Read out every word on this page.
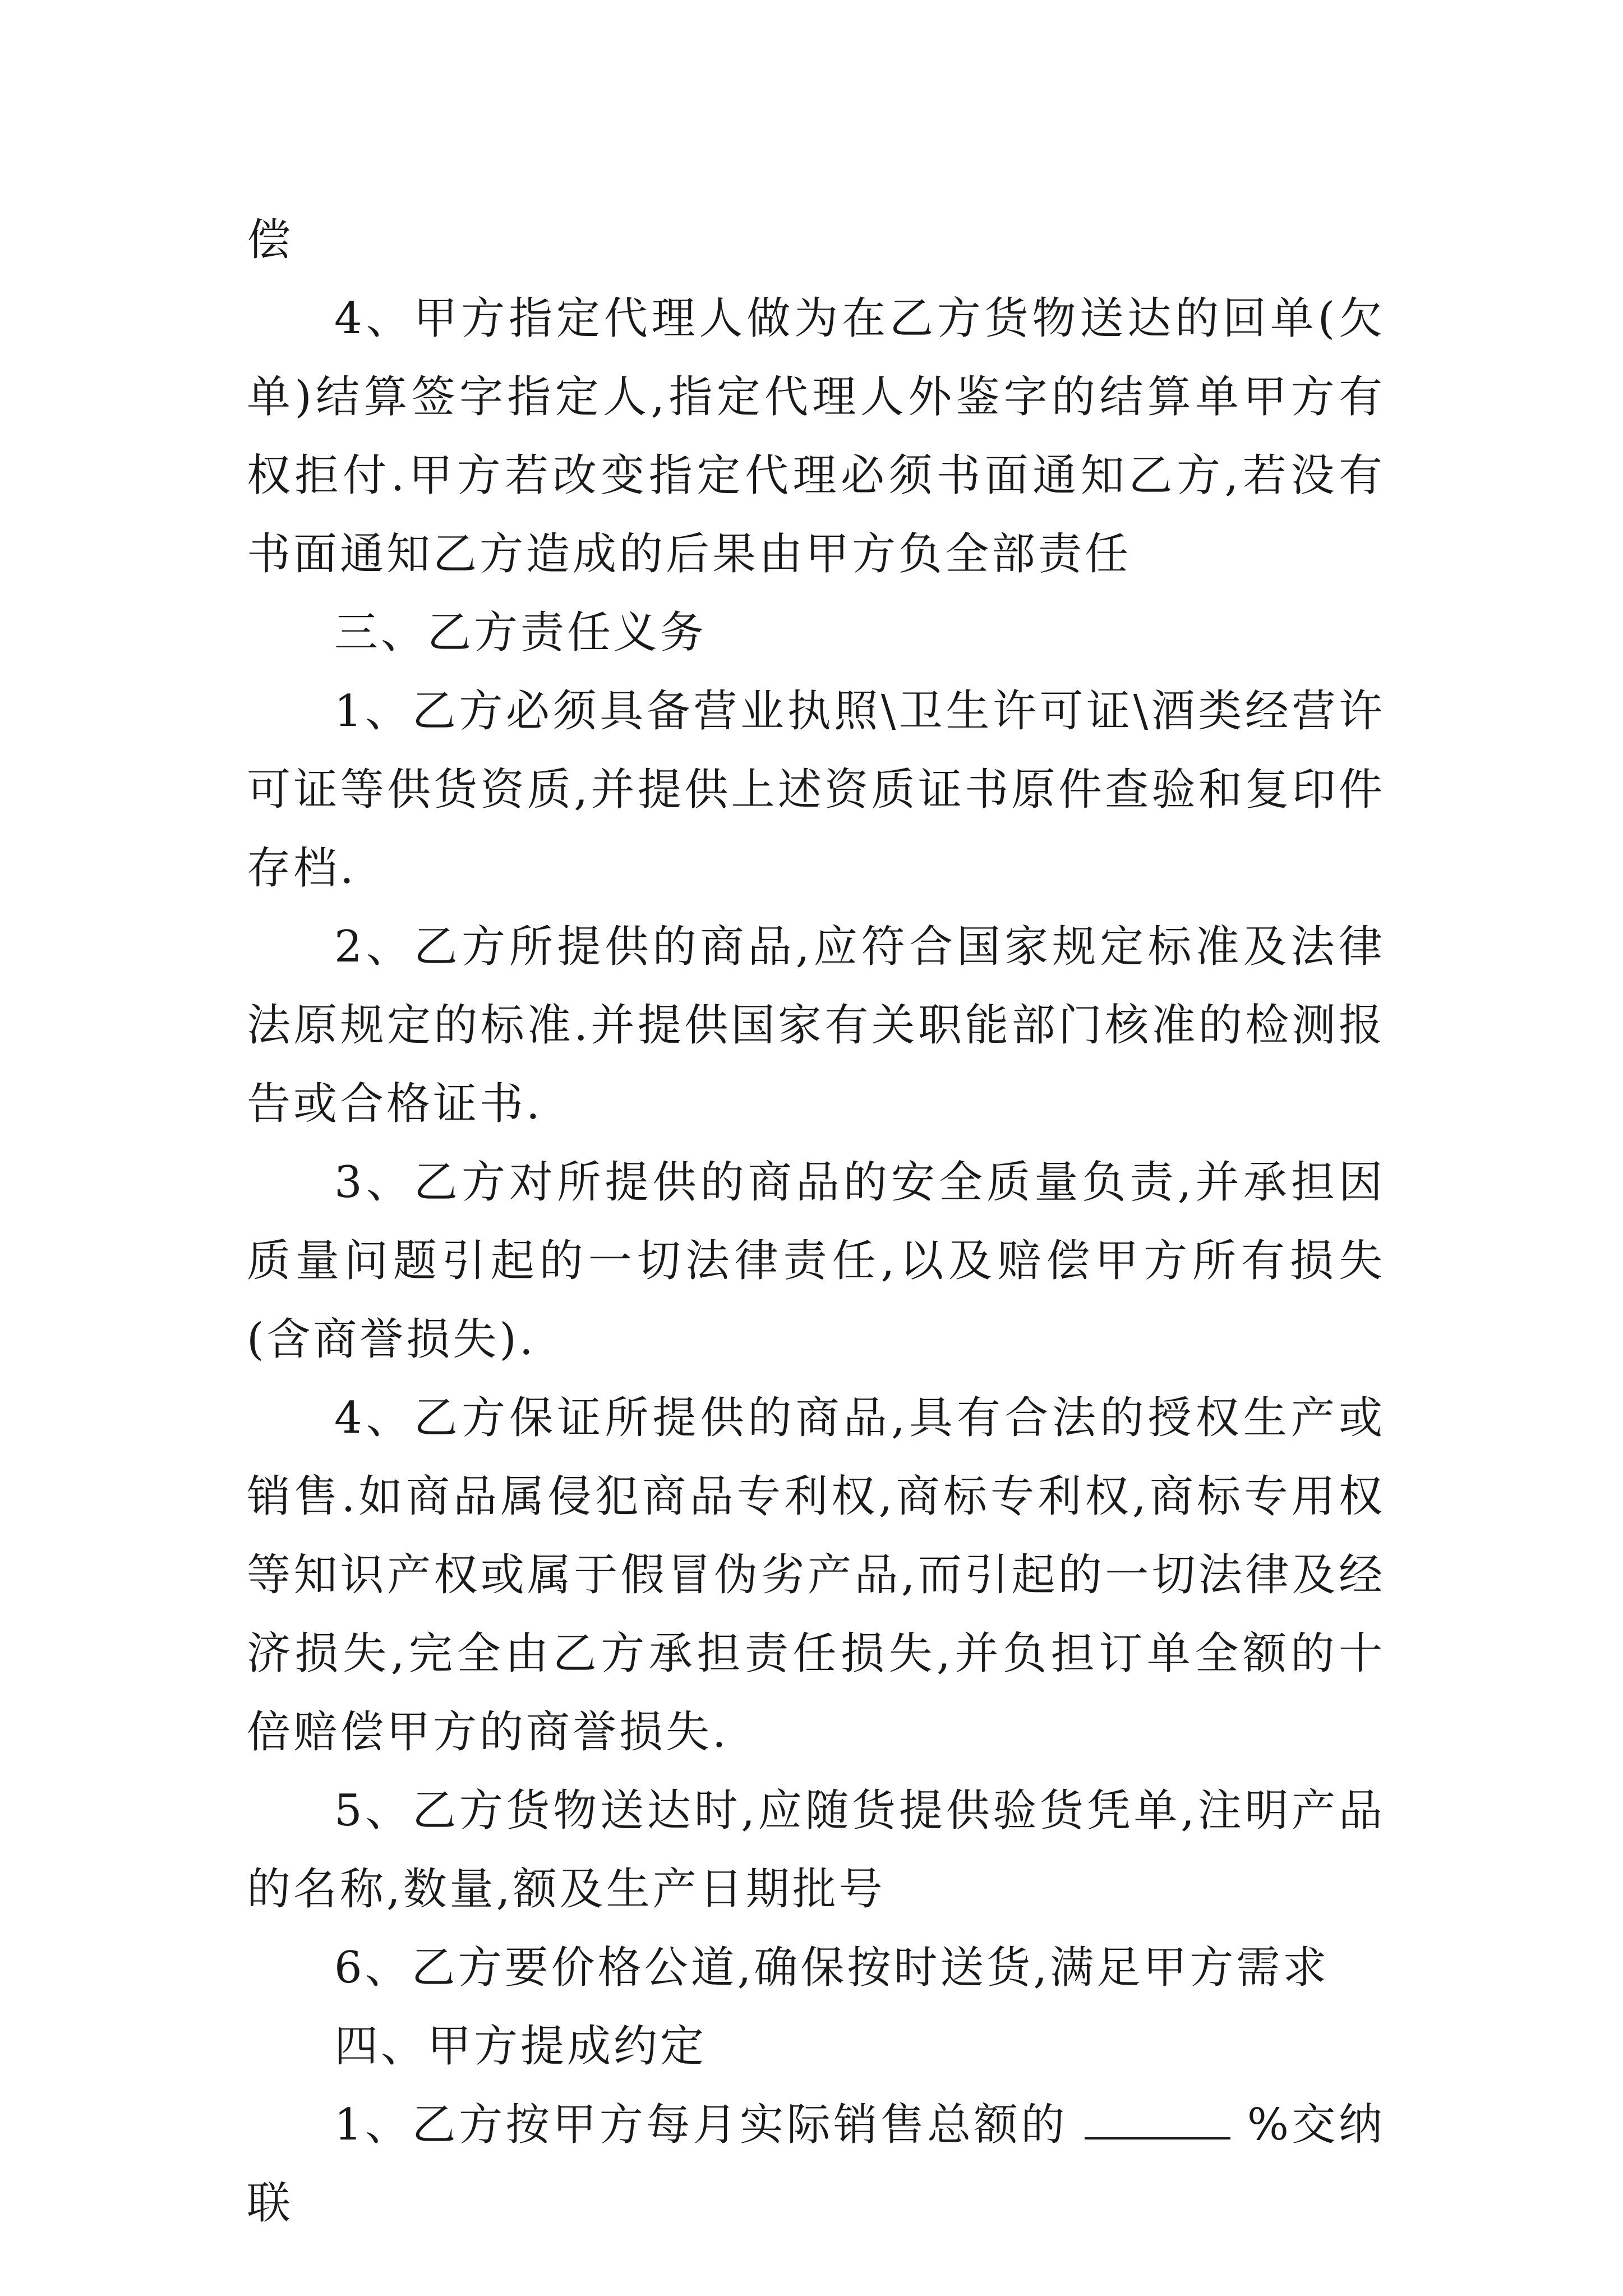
偿

4、甲方指定代理人做为在乙方货物送达的回单(欠单)结算签字指定人,指定代理人外鉴字的结算单甲方有权拒付.甲方若改变指定代理必须书面通知乙方,若没有书面通知乙方造成的后果由甲方负全部责任

三、乙方责任义务

1、乙方必须具备营业执照\卫生许可证\酒类经营许可证等供货资质,并提供上述资质证书原件查验和复印件存档.

2、乙方所提供的商品,应符合国家规定标准及法律法原规定的标准.并提供国家有关职能部门核准的检测报告或合格证书.

3、乙方对所提供的商品的安全质量负责,并承担因质量问题引起的一切法律责任,以及赔偿甲方所有损失(含商誉损失).

4、乙方保证所提供的商品,具有合法的授权生产或销售.如商品属侵犯商品专利权,商标专利权,商标专用权等知识产权或属于假冒伪劣产品,而引起的一切法律及经济损失,完全由乙方承担责任损失,并负担订单全额的十倍赔偿甲方的商誉损失.

5、乙方货物送达时,应随货提供验货凭单,注明产品的名称,数量,额及生产日期批号

6、乙方要价格公道,确保按时送货,满足甲方需求

四、甲方提成约定

1、乙方按甲方每月实际销售总额的	%交纳联
